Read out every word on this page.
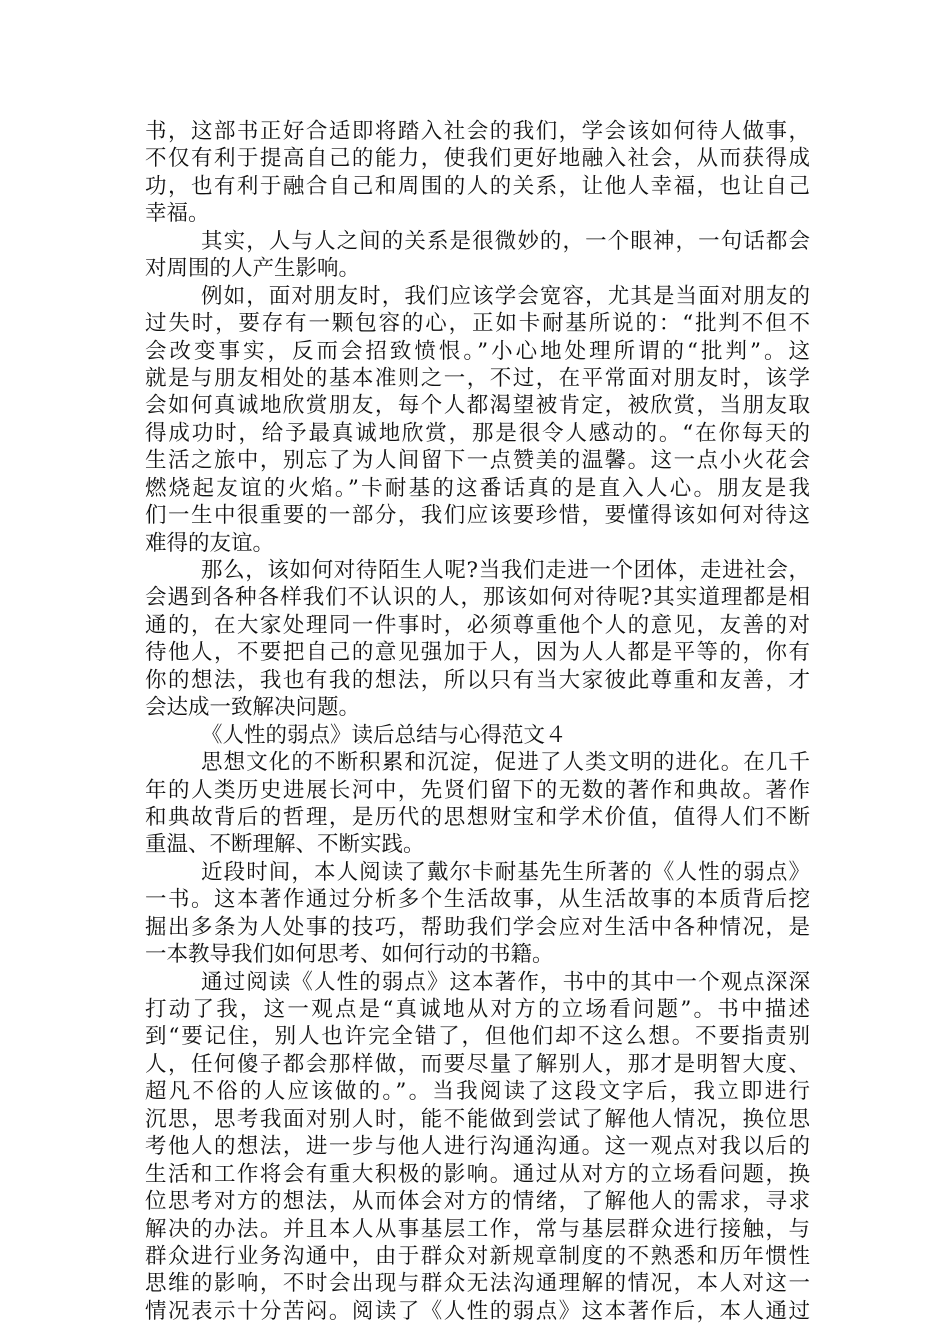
书，这部书正好合适即将踏入社会的我们，学会该如何待人做事，
不仅有利于提高自己的能力，使我们更好地融入社会，从而获得成
功，也有利于融合自己和周围的人的关系，让他人幸福，也让自己
幸福。
其实，人与人之间的关系是很微妙的，一个眼神，一句话都会
对周围的人产生影响。
例如，面对朋友时，我们应该学会宽容，尤其是当面对朋友的
过失时，要存有一颗包容的心，正如卡耐基所说的：“批判不但不
会改变事实，反而会招致愤恨。”小心地处理所谓的“批判”。这
就是与朋友相处的基本准则之一，不过，在平常面对朋友时，该学
会如何真诚地欣赏朋友，每个人都渴望被肯定，被欣赏，当朋友取
得成功时，给予最真诚地欣赏，那是很令人感动的。“在你每天的
生活之旅中，别忘了为人间留下一点赞美的温馨。这一点小火花会
燃烧起友谊的火焰。”卡耐基的这番话真的是直入人心。朋友是我
们一生中很重要的一部分，我们应该要珍惜，要懂得该如何对待这
难得的友谊。
那么，该如何对待陌生人呢?当我们走进一个团体，走进社会，
会遇到各种各样我们不认识的人，那该如何对待呢?其实道理都是相
通的，在大家处理同一件事时，必须尊重他个人的意见，友善的对
待他人，不要把自己的意见强加于人，因为人人都是平等的，你有
你的想法，我也有我的想法，所以只有当大家彼此尊重和友善，才
会达成一致解决问题。
《人性的弱点》读后总结与心得范文４
思想文化的不断积累和沉淀，促进了人类文明的进化。在几千
年的人类历史进展长河中，先贤们留下的无数的著作和典故。著作
和典故背后的哲理，是历代的思想财宝和学术价值，值得人们不断
重温、不断理解、不断实践。
近段时间，本人阅读了戴尔卡耐基先生所著的《人性的弱点》
一书。这本著作通过分析多个生活故事，从生活故事的本质背后挖
掘出多条为人处事的技巧，帮助我们学会应对生活中各种情况，是
一本教导我们如何思考、如何行动的书籍。
通过阅读《人性的弱点》这本著作，书中的其中一个观点深深
打动了我，这一观点是“真诚地从对方的立场看问题”。书中描述
到“要记住，别人也许完全错了，但他们却不这么想。不要指责别
人，任何傻子都会那样做，而要尽量了解别人，那才是明智大度、
超凡不俗的人应该做的。”。当我阅读了这段文字后，我立即进行
沉思，思考我面对别人时，能不能做到尝试了解他人情况，换位思
考他人的想法，进一步与他人进行沟通沟通。这一观点对我以后的
生活和工作将会有重大积极的影响。通过从对方的立场看问题，换
位思考对方的想法，从而体会对方的情绪，了解他人的需求，寻求
解决的办法。并且本人从事基层工作，常与基层群众进行接触，与
群众进行业务沟通中，由于群众对新规章制度的不熟悉和历年惯性
思维的影响，不时会出现与群众无法沟通理解的情况，本人对这一
情况表示十分苦闷。阅读了《人性的弱点》这本著作后，本人通过
